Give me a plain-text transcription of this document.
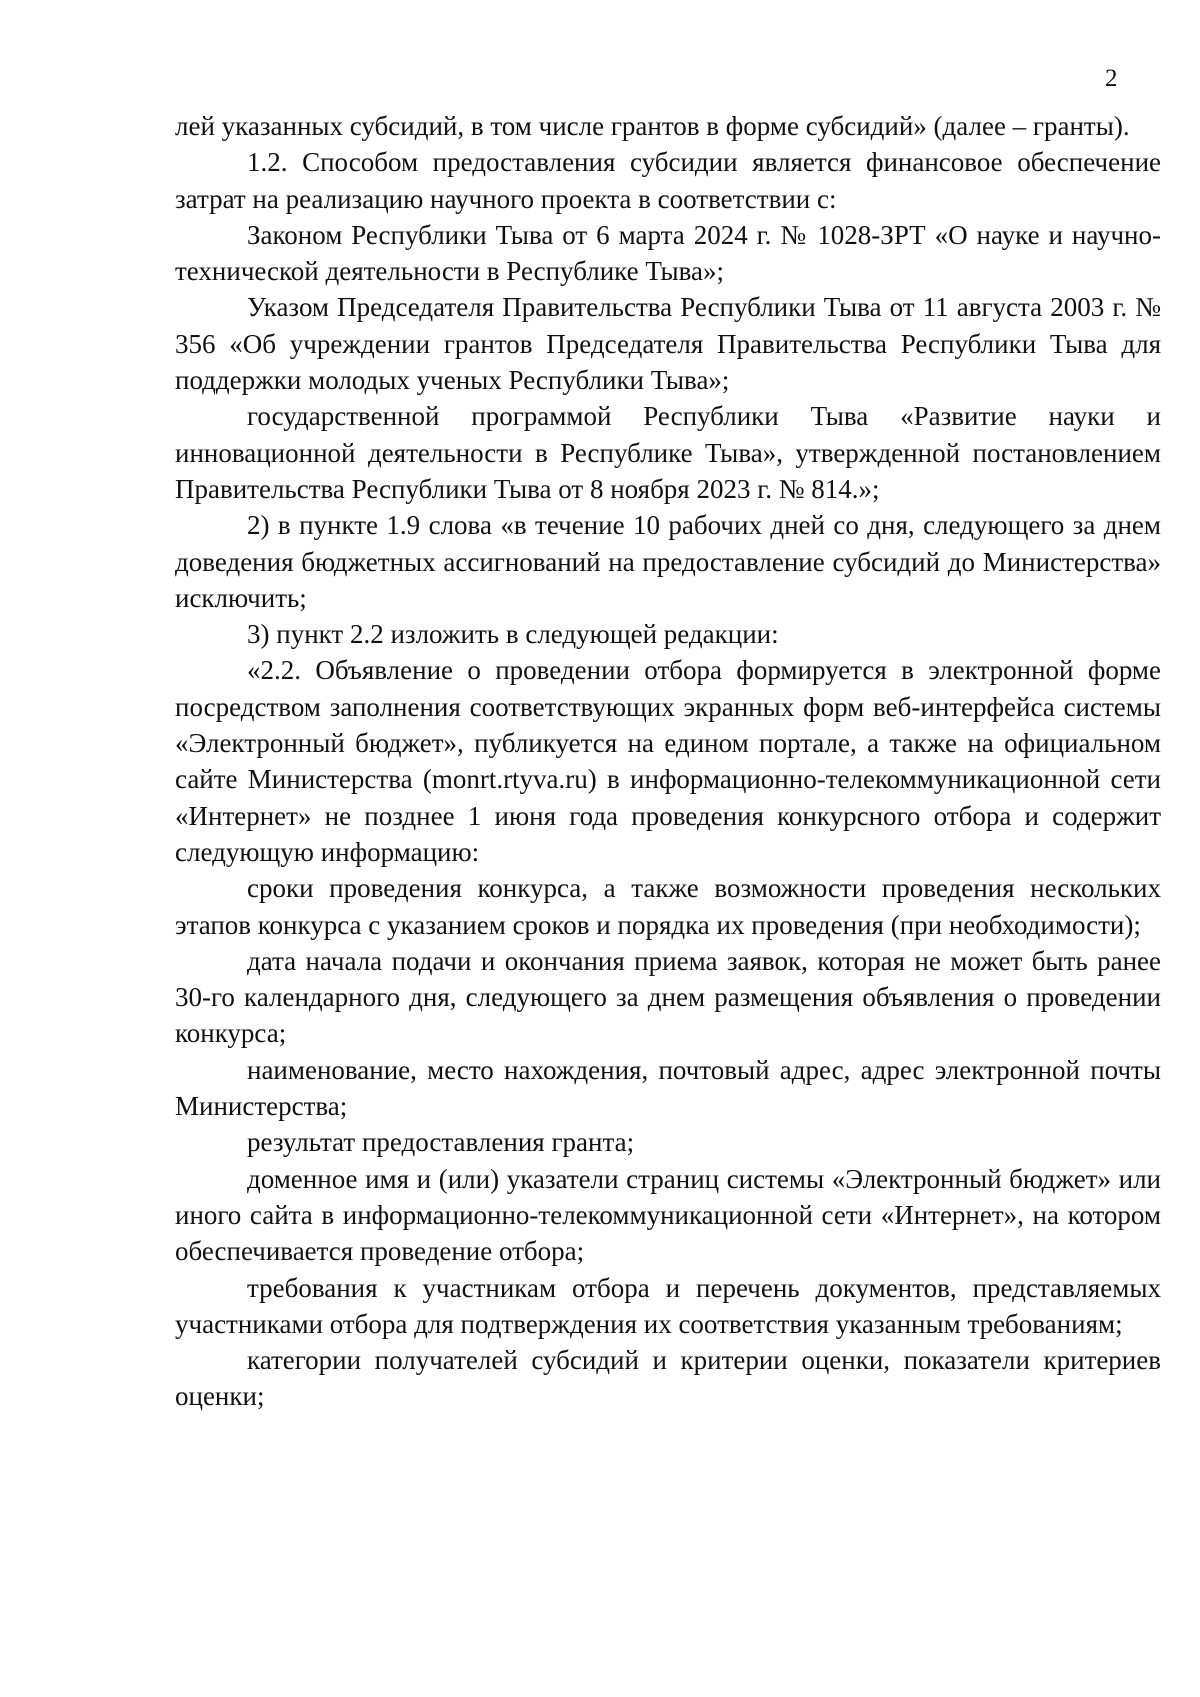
2

лей указанных субсидий, в том числе грантов в форме субсидий» (далее – гранты).

1.2. Способом предоставления субсидии является финансовое обеспечение затрат на реализацию научного проекта в соответствии с:

Законом Республики Тыва от 6 марта 2024 г. № 1028-ЗРТ «О науке и научно-технической деятельности в Республике Тыва»;

Указом Председателя Правительства Республики Тыва от 11 августа 2003 г. № 356 «Об учреждении грантов Председателя Правительства Республики Тыва для поддержки молодых ученых Республики Тыва»;

государственной программой Республики Тыва «Развитие науки и инновационной деятельности в Республике Тыва», утвержденной постановлением Правительства Республики Тыва от 8 ноября 2023 г. № 814.»;

2) в пункте 1.9 слова «в течение 10 рабочих дней со дня, следующего за днем доведения бюджетных ассигнований на предоставление субсидий до Министерства» исключить;

3) пункт 2.2 изложить в следующей редакции:

«2.2. Объявление о проведении отбора формируется в электронной форме посредством заполнения соответствующих экранных форм веб-интерфейса системы «Электронный бюджет», публикуется на едином портале, а также на официальном сайте Министерства (monrt.rtyva.ru) в информационно-телекоммуникационной сети «Интернет» не позднее 1 июня года проведения конкурсного отбора и содержит следующую информацию:

сроки проведения конкурса, а также возможности проведения нескольких этапов конкурса с указанием сроков и порядка их проведения (при необходимости);

дата начала подачи и окончания приема заявок, которая не может быть ранее 30-го календарного дня, следующего за днем размещения объявления о проведении конкурса;

наименование, место нахождения, почтовый адрес, адрес электронной почты Министерства;

результат предоставления гранта;

доменное имя и (или) указатели страниц системы «Электронный бюджет» или иного сайта в информационно-телекоммуникационной сети «Интернет», на котором обеспечивается проведение отбора;

требования к участникам отбора и перечень документов, представляемых участниками отбора для подтверждения их соответствия указанным требованиям;

категории получателей субсидий и критерии оценки, показатели критериев оценки;
